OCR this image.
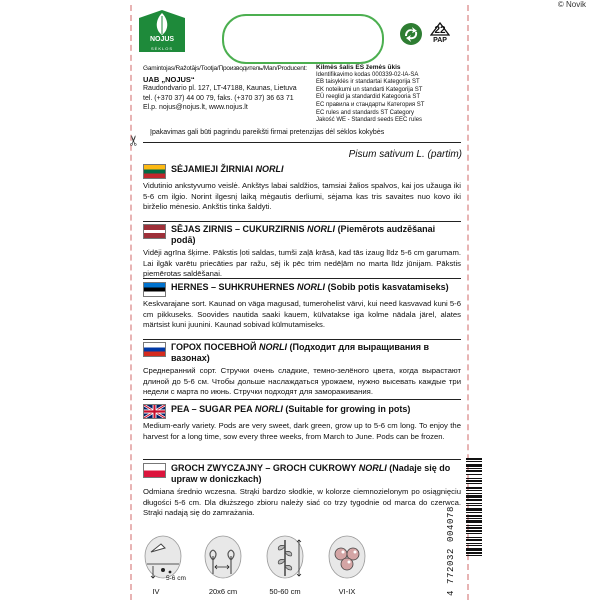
© Novik
NOJUS
SĖKLOS
22
PAP
Gamintojas/Ražotājs/Tootja/Производитель/Man/Producent:
UAB „NOJUS“
Raudondvario pl. 127, LT-47188, Kaunas, Lietuva
tel. (+370 37) 44 00 79, faks. (+370 37) 36 63 71
El.p. nojus@nojus.lt, www.nojus.lt
Kilmės šalis ES žemės ūkis
Identifikavimo kodas 000339-02-IA-SA
EB taisyklės ir standartai Kategorija ST
EK noteikumi un standarti Kategorija ST
EÜ reeglid ja standardid Kategooria ST
ЕС правила и стандарты Категория ST
EC rules and standards ST Category
Jakość WE - Standard seeds EEC rules
✂
Įpakavimas gali būti pagrindu pareikšti firmai pretenzijas dėl sėklos kokybės
Pisum sativum L. (partim)
SĖJAMIEJI ŽIRNIAI NORLI
Vidutinio ankstyvumo veislė. Ankštys labai saldžios, tamsiai žalios spalvos, kai jos užauga iki 5-6 cm ilgio. Norint ilgesnį laiką mėgautis derliumi, sėjama kas tris savaites nuo kovo iki birželio mėnesio. Ankštis tinka šaldyti.
SĒJAS ZIRNIS – CUKURZIRNIS NORLI (Piemērots audzēšanai podā)
Vidēji agrīna šķirne. Pākstis ļoti saldas, tumši zaļā krāsā, kad tās izaug līdz 5-6 cm garumam. Lai ilgāk varētu priecāties par ražu, sēj ik pēc trim nedēļām no marta līdz jūnijam. Pākstis piemērotas saldēšanai.
HERNES – SUHKRUHERNES NORLI (Sobib potis kasvatamiseks)
Keskvarajane sort. Kaunad on väga magusad, tumerohelist värvi, kui need kasvavad kuni 5-6 cm pikkuseks. Soovides nautida saaki kauem, külvatakse iga kolme nädala järel, alates märtsist kuni juunini. Kaunad sobivad külmutamiseks.
ГОРОХ ПОСЕВНОЙ NORLI (Подходит для выращивания в вазонах)
Среднеранний сорт. Стручки очень сладкие, темно-зелёного цвета, когда вырастают длиной до 5-6 см. Чтобы дольше наслаждаться урожаем, нужно высевать каждые три недели с марта по июнь. Стручки подходят для замораживания.
PEA – SUGAR PEA NORLI (Suitable for growing in pots)
Medium-early variety. Pods are very sweet, dark green, grow up to 5-6 cm long. To enjoy the harvest for a long time, sow every three weeks, from March to June. Pods can be frozen.
GROCH ZWYCZAJNY – GROCH CUKROWY NORLI (Nadaje się do upraw w doniczkach)
Odmiana średnio wczesna. Strąki bardzo słodkie, w kolorze ciemnozielonym po osiągnięciu długości 5-6 cm. Dla dłuższego zbioru należy siać co trzy tygodnie od marca do czerwca. Strąki nadają się do zamrażania.
5-6 cm
IV	20x6 cm	50-60 cm	VI-IX	4 772032 004078
